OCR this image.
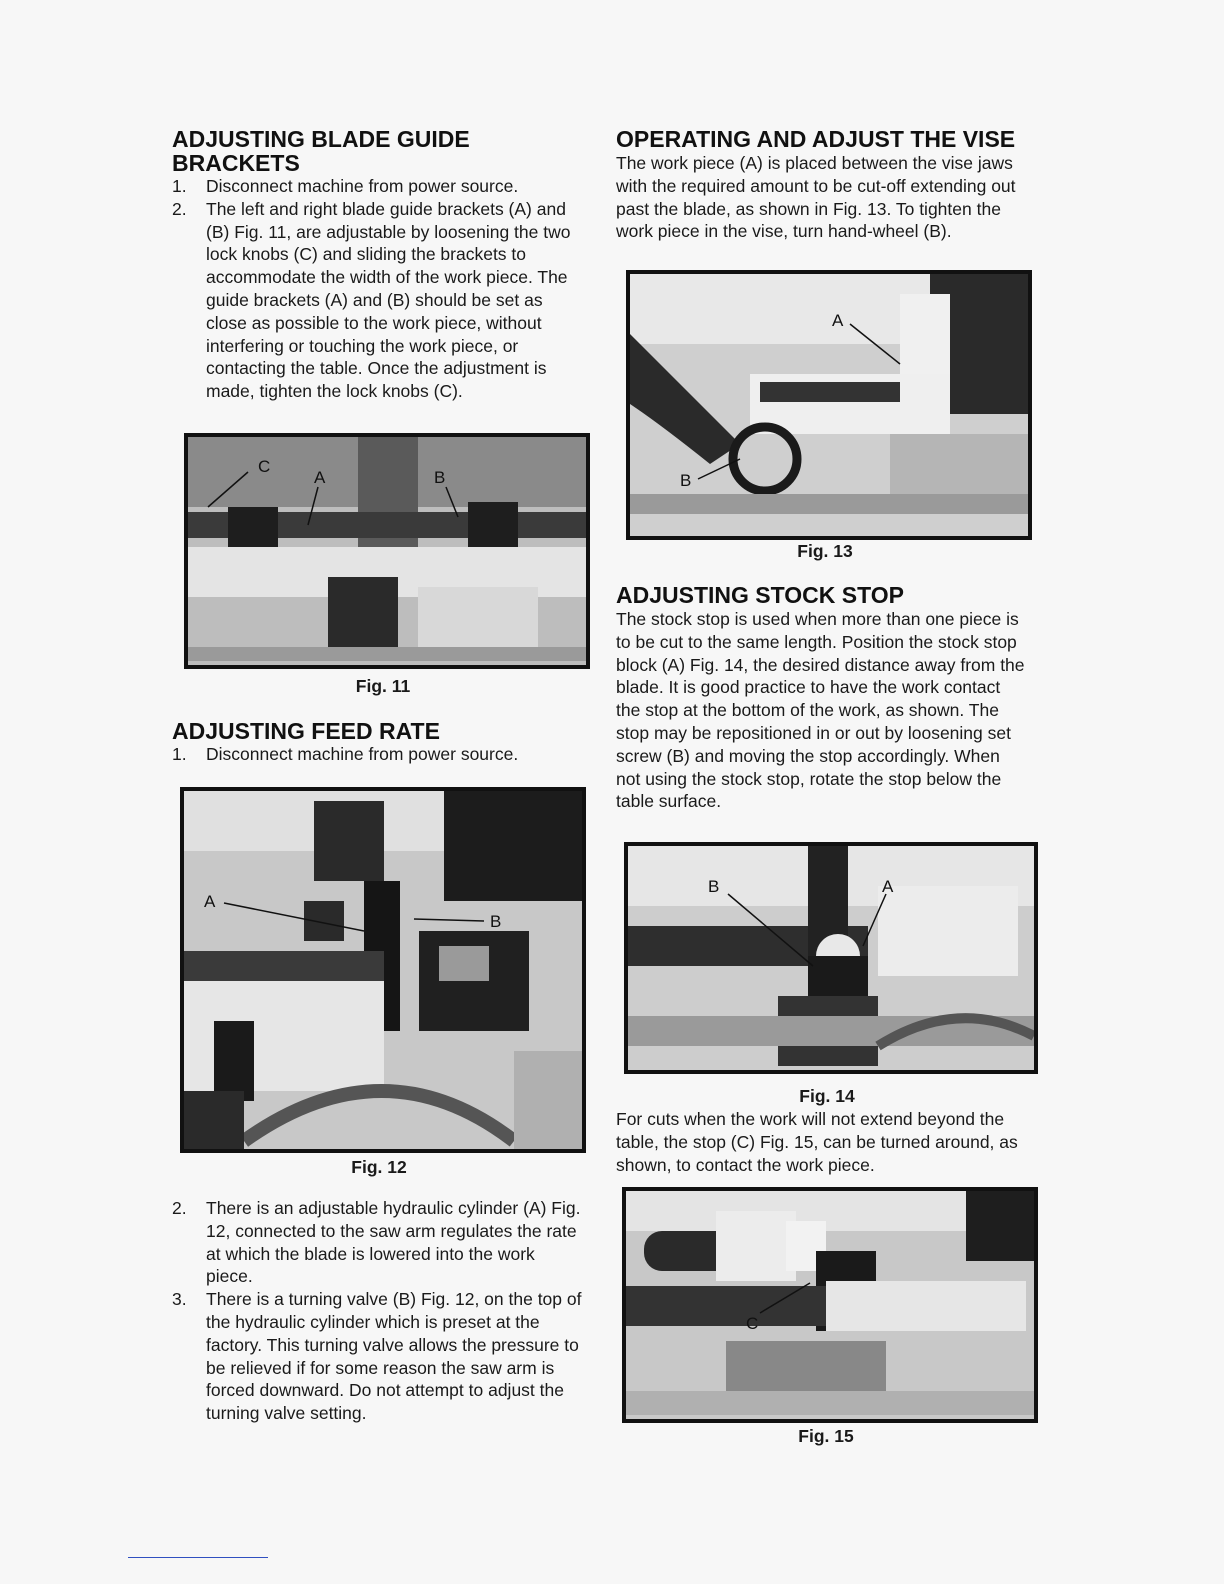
ADJUSTING BLADE GUIDE
BRACKETS
1. Disconnect machine from power source.
2. The left and right blade guide brackets (A) and (B) Fig. 11, are adjustable by loosening the two lock knobs (C) and sliding the brackets to accommodate the width of the work piece. The guide brackets (A) and (B) should be set as close as possible to the work piece, without interfering or touching the work piece, or contacting the table. Once the adjustment is made, tighten the lock knobs (C).
C
A	B
Fig. 11
ADJUSTING FEED RATE
1. Disconnect machine from power source.
A
B
Fig. 12
2. There is an adjustable hydraulic cylinder (A) Fig. 12, connected to the saw arm regulates the rate at which the blade is lowered into the work piece.
3. There is a turning valve (B) Fig. 12, on the top of the hydraulic cylinder which is preset at the factory. This turning valve allows the pressure to be relieved if for some reason the saw arm is forced downward. Do not attempt to adjust the turning valve setting.
OPERATING AND ADJUST THE VISE

The work piece (A) is placed between the vise jaws with the required amount to be cut-off extending out past the blade, as shown in Fig. 13. To tighten the work piece in the vise, turn hand-wheel (B).

A
B
Fig. 13
ADJUSTING STOCK STOP

The stock stop is used when more than one piece is to be cut to the same length. Position the stock stop block (A) Fig. 14, the desired distance away from the blade. It is good practice to have the work contact the stop at the bottom of the work, as shown. The stop may be repositioned in or out by loosening set screw (B) and moving the stop accordingly. When not using the stock stop, rotate the stop below the table surface.

B	A
Fig. 14

For cuts when the work will not extend beyond the table, the stop (C) Fig. 15, can be turned around, as shown, to contact the work piece.

C
Fig. 15
